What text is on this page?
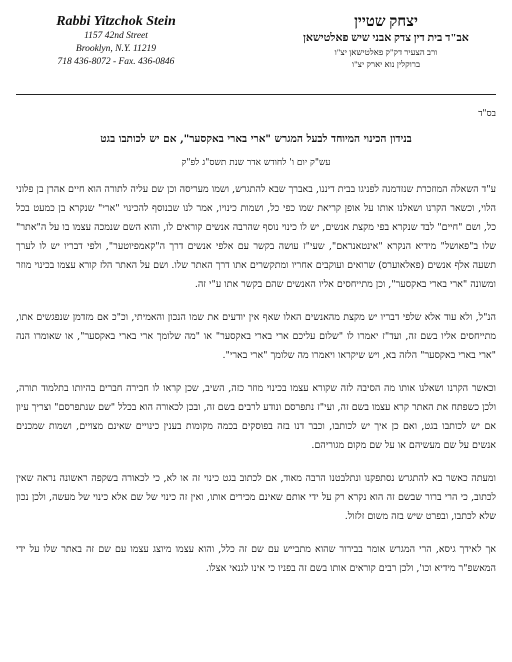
Rabbi Yitzchok Stein
1157 42nd Street
Brooklyn, N.Y. 11219
718 436-8072 - Fax. 436-0846
יצחק שטיין
אב"ד בית דין צדק אבני שיש פאלטישאן
ורב הצעיר דק"ק פאלטישאן יצ"ו
ברוקלין נוא יארק יצ"ו
בס"ד
בנידון הכינוי המיוחד לבעל המגרש "ארי בארי באקסער", אם יש לכותבו בגט
עש"ק יום ו' לחודש אדר שנת תשס"ג לפ"ק

ע"ד השאלה המוזכרת שנזדמנה לפניגו בבית דיננו, באברך שבא להתגרש, ושמו מעריסה וכן שם עליה לתורה הוא חיים אהרן בן פלוני הלוי, וכשאר הקרנו ושאלנו אותו על אופן קריאת שמו כפי כל, ושמות כינויו, אמר לנו שבנוסף להכינוי "ארי" שנקרא בן כמעט בכל כל, ושם "חיים" לבד שנקרא בפי מקצת אנשים, יש לו כינוי נוסף שהרבה אנשים קוראים לו, והוא השם שנמכה עצמו בו על ה"אתר" שלו ב"פאושל" מידיא הנקרא "אינטאנראם", שעי"ז עושה בקשר עם אלפי אנשים דרך ה"קאמפיוטער", ולפי דבריו יש לו לערך תשעה אלף אנשים (פאלאוערס) שרואים ועוקבים אחריו ומתקשרים אתו דרך האתר שלו. ושם על האתר הלז קורא עצמו בכינוי מוזר ומשונה "ארי בארי באקסער", וכן מתייחסים אליו האנשים שהם בקשר אתו ע"י זה.

הנ"ל, ולא עוד אלא שלפי דבריו יש מקצת מהאנשים האלו שאף אין יודעים את שמו הנכון והאמיתי, וכ"כ אם מזדמן שנפגשים אתו, מתייחסים אליו בשם זה, ועד"ז יאמרו לו "שלום עליכם ארי בארי באקסער" או "מה שלומך ארי בארי באקסער", או שאומרו הנה "ארי בארי באקסער" הלזה בא, ויש שיקראו ויאמרו מה שלומך "ארי בארי".

וכאשר הקרנו ושאלנו אותו מה הסיבה לזה שקורא עצמו בכינוי מוזר כזה, השיב, שכן קראו לו חבירה חברים בהיותו בתלמוד תורה, ולכן כשפתח את האתר קרא עצמו בשם זה, ועי"ז נתפרסם ונודע לרבים בשם זה, ובכן לכאורה הוא בכלל "שם שנתפרסם" וצריך עיון אם יש לכותבו בגט, ואם כן איך יש לכותבו, וכבר דנו בזה בפוסקים בכמה מקומות בענין כינויים שאינם מצויים, ושמות שמכנים אנשים על שם מעשיהם או על שם מקום מגוריהם.

ומעתה כאשר בא להתגרש נסתפקנו ונתלבטנו הרבה מאוד, אם לכתוב בגט כינוי זה או לא, כי לכאורה בשקפה ראשונה נראה שאין לכתוב, כי הרי ברור שבשם זה הוא נקרא רק על ידי אותם שאינם מכירים אותו, ואין זה כינוי של שם אלא כינוי של מעשה, ולכן נכון שלא לכתבו, ובפרט שיש בזה משום זלזול.

אך לאידך גיסא, הרי המגרש אומר בבירור שהוא מתבייש עם שם זה כלל, והוא עצמו מיוצג עצמו עם שם זה באתר שלו על ידי המאשפ"ר מידיא וכו', ולכן רבים קוראים אותו בשם זה בפניו כי אינו לגנאי אצלו.
